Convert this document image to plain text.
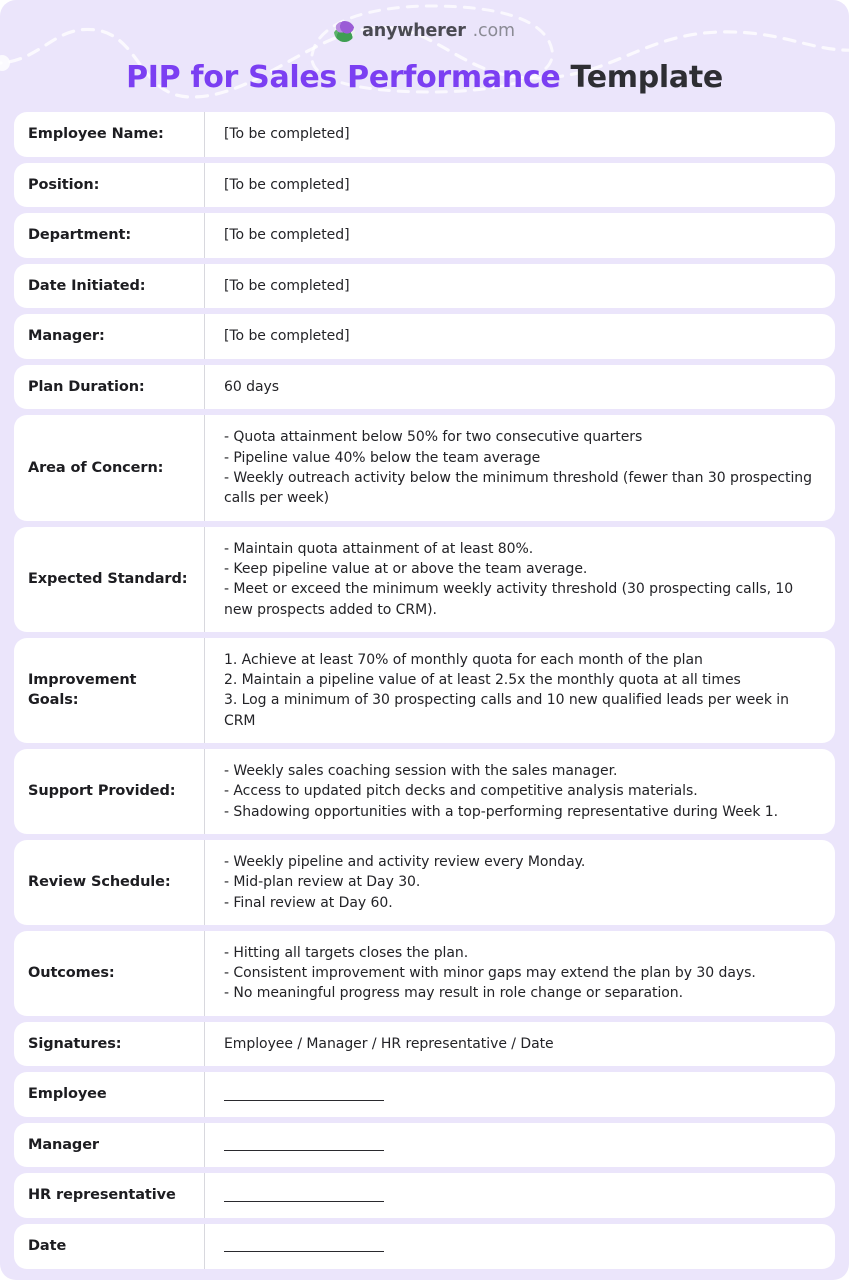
anywherer .com
PIP for Sales Performance Template
Employee Name:	[To be completed]
Position:	[To be completed]
Department:	[To be completed]
Date Initiated:	[To be completed]
Manager:	[To be completed]
Plan Duration:	60 days
Area of Concern:
- Quota attainment below 50% for two consecutive quarters
- Pipeline value 40% below the team average
- Weekly outreach activity below the minimum threshold (fewer than 30 prospecting calls per week)
Expected Standard:
- Maintain quota attainment of at least 80%.
- Keep pipeline value at or above the team average.
- Meet or exceed the minimum weekly activity threshold (30 prospecting calls, 10 new prospects added to CRM).
Improvement Goals:
1. Achieve at least 70% of monthly quota for each month of the plan
2. Maintain a pipeline value of at least 2.5x the monthly quota at all times
3. Log a minimum of 30 prospecting calls and 10 new qualified leads per week in CRM
Support Provided:
- Weekly sales coaching session with the sales manager.
- Access to updated pitch decks and competitive analysis materials.
- Shadowing opportunities with a top-performing representative during Week 1.
Review Schedule:
- Weekly pipeline and activity review every Monday.
- Mid-plan review at Day 30.
- Final review at Day 60.
Outcomes:
- Hitting all targets closes the plan.
- Consistent improvement with minor gaps may extend the plan by 30 days.
- No meaningful progress may result in role change or separation.
Signatures:	Employee / Manager / HR representative / Date
Employee
Manager
HR representative
Date
